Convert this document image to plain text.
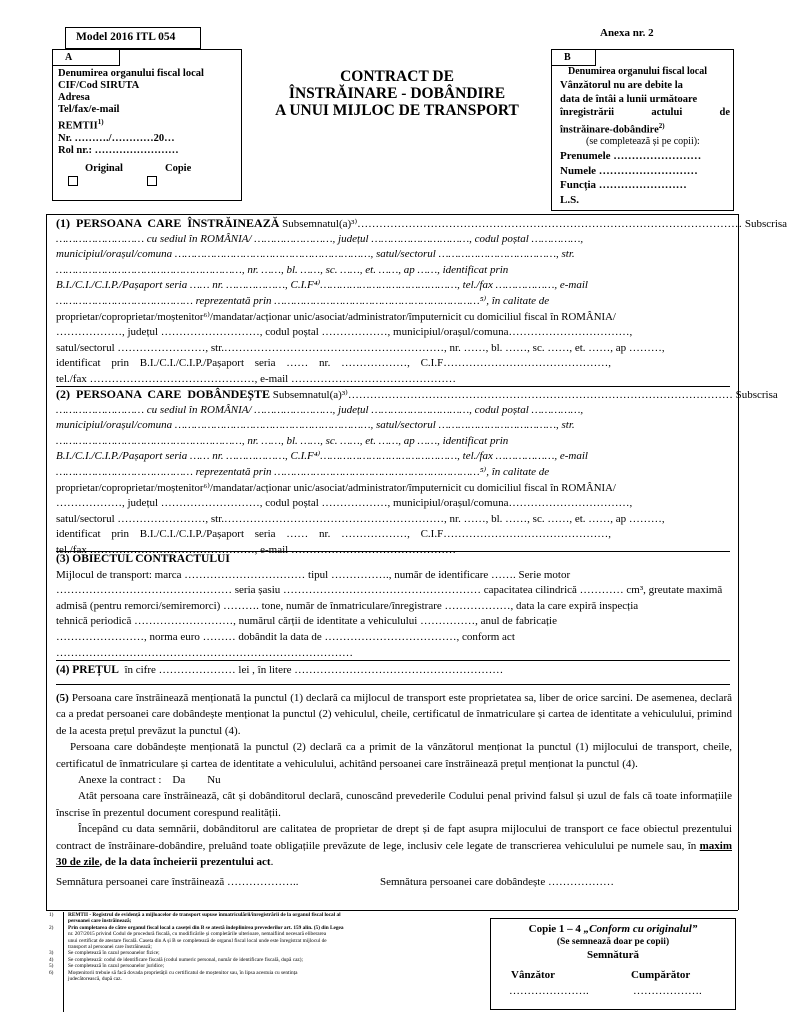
Model 2016 ITL 054	Anexa nr. 2
A
Denumirea organului fiscal local
CIF/Cod SIRUTA
Adresa
Tel/fax/e-mail
REMTII$^{1)}$
Nr. ………./…………20…
Rol nr.: ……………………
Original	Copie
CONTRACT DE
ÎNSTRĂINARE - DOBÂNDIRE
A UNUI MIJLOC DE TRANSPORT
B
Denumirea organului fiscal local
Vânzătorul nu are debite la
data de întâi a lunii următoare
înregistrării	actului	de
înstrăinare-dobândire$^{2)}$
(se completează și pe copii):
Prenumele ……………………
Numele ………………………
Funcția ……………………
L.S.
(1) PERSOANA CARE ÎNSTRĂINEAZĂ Subsemnatul(a)³⁾…………………………………………………………………………………………… Subscrisa
……………………… cu sediul în ROMÂNIA/ ……………………, județul …………………………, codul poștal ……………,
municipiul/orașul/comuna ……………………………………………………, satul/sectorul ………………………………, str.
…………………………………………………, nr. ……, bl. ……, sc. ……, et. ……, ap ……, identificat prin
B.I./C.I./C.I.P./Pașaport seria …… nr. ………………, C.I.F⁴⁾……………………………………, tel./fax ………………, e-mail
…………………………………… reprezentată prin ………………………………………………………⁵⁾, în calitate de
proprietar/coproprietar/moștenitor⁶⁾/mandatar/acționar unic/asociat/administrator/împuternicit cu domiciliul fiscal în ROMÂNIA/
………………, județul ………………………, codul poștal ………………, municipiul/orașul/comuna……………………………,
satul/sectorul ……………………, str.……………………………………………………, nr. ……, bl. ……, sc. ……, et. ……, ap ………,
identificat prin B.I./C.I./C.I.P./Pașaport seria …… nr. ………………, C.I.F………………………………………,
tel./fax ………………………………………, e-mail ………………………………………
(2) PERSOANA CARE DOBÂNDEȘTE Subsemnatul(a)³⁾…………………………………………………………………………………………… Subscrisa
……………………… cu sediul în ROMÂNIA/ ……………………, județul …………………………, codul poștal ……………,
municipiul/orașul/comuna ……………………………………………………, satul/sectorul ………………………………, str.
…………………………………………………, nr. ……, bl. ……, sc. ……, et. ……, ap ……, identificat prin
B.I./C.I./C.I.P./Pașaport seria …… nr. ………………, C.I.F⁴⁾……………………………………, tel./fax ………………, e-mail
…………………………………… reprezentată prin ………………………………………………………⁵⁾, în calitate de
proprietar/coproprietar/moștenitor⁶⁾/mandatar/acționar unic/asociat/administrator/împuternicit cu domiciliul fiscal în ROMÂNIA/
………………, județul ………………………, codul poștal ………………, municipiul/orașul/comuna……………………………,
satul/sectorul ……………………, str.……………………………………………………, nr. ……, bl. ……, sc. ……, et. ……, ap ………,
identificat prin B.I./C.I./C.I.P./Pașaport seria …… nr. ………………, C.I.F………………………………………,
tel./fax ………………………………………, e-mail ………………………………………
(3) OBIECTUL CONTRACTULUI
Mijlocul de transport: marca …………………………… tipul ……………., număr de identificare ……. Serie motor
………………………………………… seria șasiu ……………………………………………… capacitatea cilindrică ………… cm³, greutate maximă
admisă (pentru remorci/semiremorci) ………. tone, număr de înmatriculare/înregistrare ………………, data la care expiră inspecția
tehnică periodică ………………………, numărul cărții de identitate a vehiculului ……………, anul de fabricație
……………………, norma euro ……… dobândit la data de ………………………………, conform act
………………………………………………………………………
(4) PREȚUL în cifre ………………… lei , în litere …………………………………………………
(5) Persoana care înstrăinează menționată la punctul (1) declară ca mijlocul de transport este proprietatea sa, liber de orice sarcini. De asemenea, declară ca a predat persoanei care dobândește menționat la punctul (2) vehiculul, cheile, certificatul de înmatriculare și cartea de identitate a vehiculului, primind de la acesta prețul prevăzut la punctul (4).
Persoana care dobândește menționată la punctul (2) declară ca a primit de la vânzătorul menționat la punctul (1) mijlocului de transport, cheile, certificatul de înmatriculare și cartea de identitate a vehiculului, achitând persoanei care înstrăinează prețul menționat la punctul (4).
Anexe la contract : Da Nu
Atât persoana care înstrăinează, cât și dobânditorul declară, cunoscând prevederile Codului penal privind falsul și uzul de fals că toate informațiile înscrise în prezentul document corespund realității.
Începând cu data semnării, dobânditorul are calitatea de proprietar de drept și de fapt asupra mijlocului de transport ce face obiectul prezentului contract de înstrăinare-dobândire, preluând toate obligațiile prevăzute de lege, inclusiv cele legate de transcrierea vehiculului pe numele sau, în maxim 30 de zile, de la data încheierii prezentului act.
Semnătura persoanei care înstrăinează ………………..	Semnătura persoanei care dobândește ………………
1)	REMTII - Registrul de evidență a mijloacelor de transport supuse înmatriculării/înregistrării de la organul fiscal local al
persoanei care înstrăinează;
2)	Prin completarea de către organul fiscal local a caseței din B se atestă îndeplinirea prevederilor art. 159 alin. (5) din Legea
nr. 207/2015 privind Codul de procedură fiscală, cu modificările și completările ulterioare, nemaifiind necesară eliberarea
unui certificat de atestare fiscală. Caseta din A și B se completează de organul fiscal local unde este înregistrat mijlocul de
transport al persoanei care înstrăinează;
3)	Se completează în cazul persoanelor fizice;
4)	Se completează: codul de identificare fiscală (codul numeric personal, număr de identificare fiscală, după caz);
5)	Se completează în cazul persoanelor juridice;
6)	Moștenitorii trebuie să facă dovada proprietății cu certificatul de moștenitor sau, în lipsa acestuia cu sentința
judecătorească, după caz.
Copie 1 – 4 „Conform cu originalul”
(Se semnează doar pe copii)
Semnătură
Vânzător	Cumpărător
………………….	……………….
